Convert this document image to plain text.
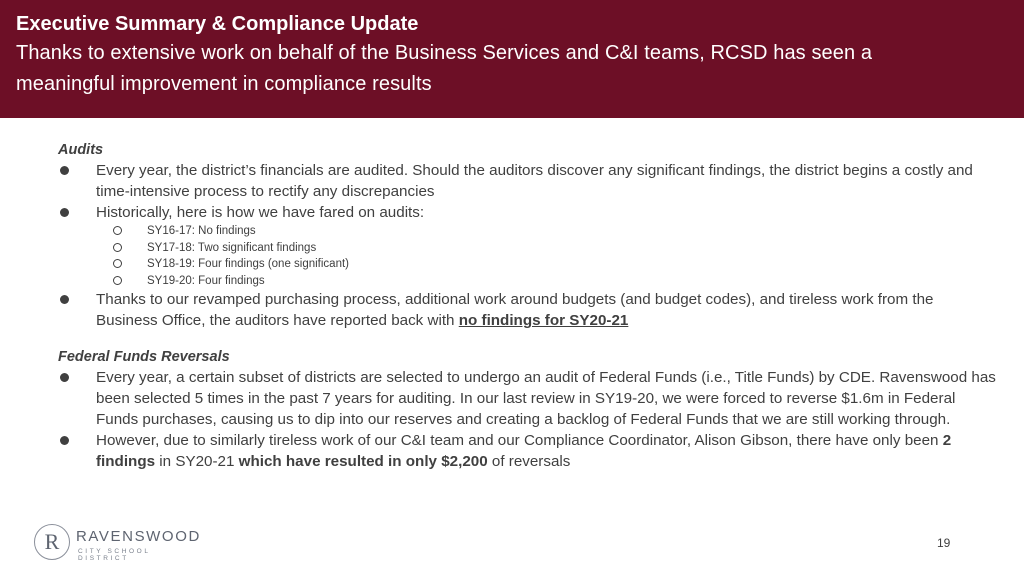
Executive Summary & Compliance Update
Thanks to extensive work on behalf of the Business Services and C&I teams, RCSD has seen a
meaningful improvement in compliance results
Audits
Every year, the district’s financials are audited. Should the auditors discover any significant findings, the district begins a costly and time-intensive process to rectify any discrepancies
Historically, here is how we have fared on audits:
SY16-17: No findings
SY17-18: Two significant findings
SY18-19: Four findings (one significant)
SY19-20: Four findings
Thanks to our revamped purchasing process, additional work around budgets (and budget codes), and tireless work from the Business Office, the auditors have reported back with no findings for SY20-21
Federal Funds Reversals
Every year, a certain subset of districts are selected to undergo an audit of Federal Funds (i.e., Title Funds) by CDE. Ravenswood has been selected 5 times in the past 7 years for auditing. In our last review in SY19-20, we were forced to reverse $1.6m in Federal Funds purchases, causing us to dip into our reserves and creating a backlog of Federal Funds that we are still working through.
However, due to similarly tireless work of our C&I team and our Compliance Coordinator, Alison Gibson, there have only been 2 findings in SY20-21 which have resulted in only $2,200 of reversals
R RAVENSWOOD
CITY SCHOOL DISTRICT
19
